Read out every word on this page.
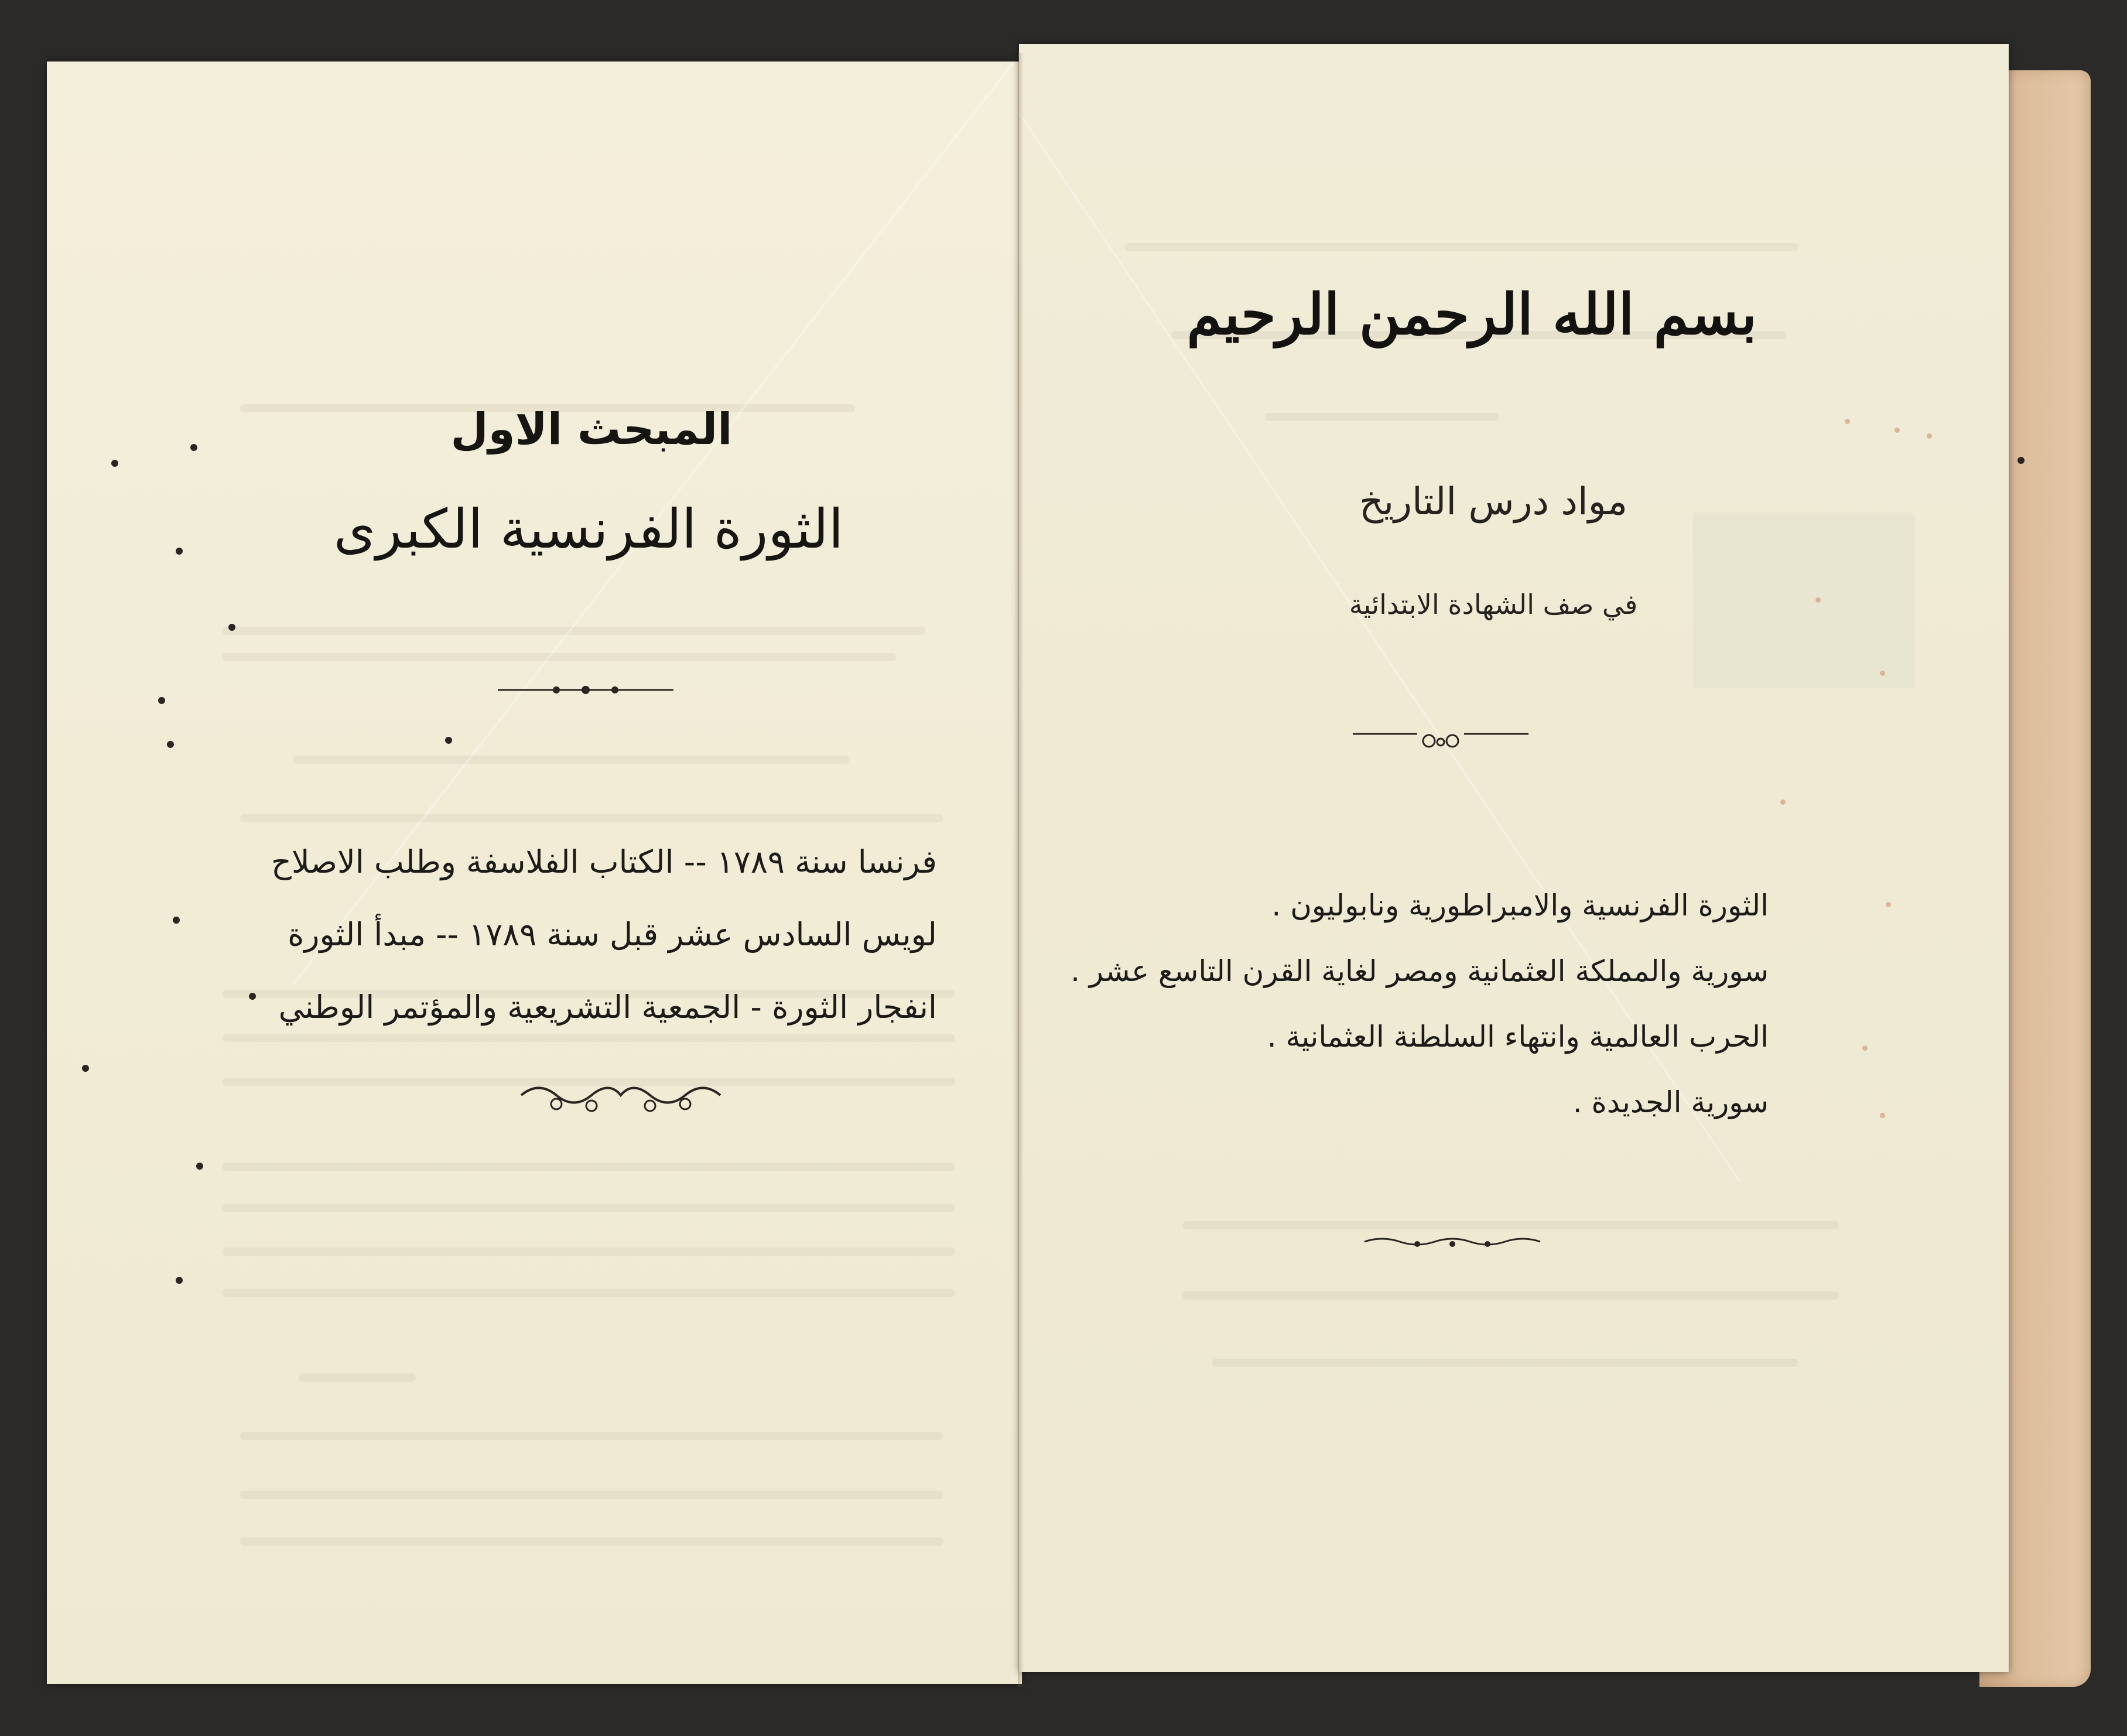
بسم الله الرحمن الرحيم
مواد درس التاريخ
في صف الشهادة الابتدائية
الثورة الفرنسية والامبراطورية ونابوليون .
سورية والمملكة العثمانية ومصر لغاية القرن التاسع عشر .
الحرب العالمية وانتهاء السلطنة العثمانية .
سورية الجديدة .
المبحث الاول
الثورة الفرنسية الكبرى
فرنسا سنة ١٧٨٩ -- الكتاب الفلاسفة وطلب الاصلاح
لويس السادس عشر قبل سنة ١٧٨٩ -- مبدأ الثورة
انفجار الثورة - الجمعية التشريعية والمؤتمر الوطني
